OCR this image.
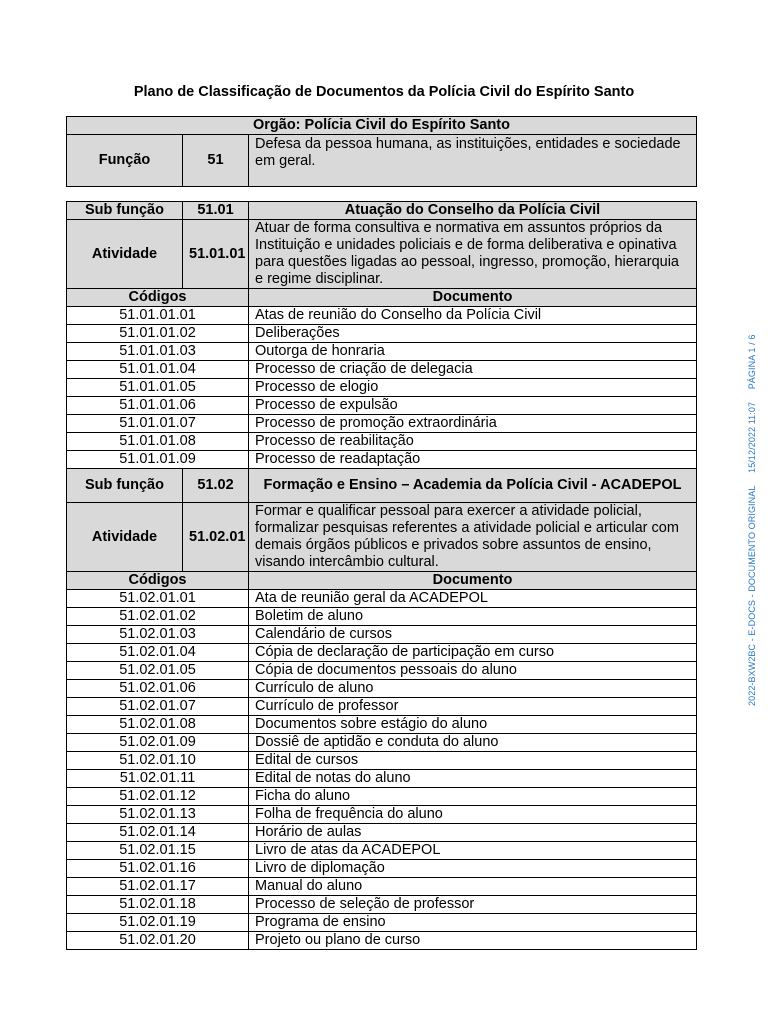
Plano de Classificação de Documentos da Polícia Civil do Espírito Santo
Orgão: Polícia Civil do Espírito Santo
Função	51	Defesa da pessoa humana, as instituições, entidades e sociedade em geral.
Sub função	51.01	Atuação do Conselho da Polícia Civil
Atividade	51.01.01	Atuar de forma consultiva e normativa em assuntos próprios da Instituição e unidades policiais e de forma deliberativa e opinativa para questões ligadas ao pessoal, ingresso, promoção, hierarquia e regime disciplinar.
Códigos		Documento
51.01.01.01		Atas de reunião do Conselho da Polícia Civil
51.01.01.02		Deliberações
51.01.01.03		Outorga de honraria
51.01.01.04		Processo de criação de delegacia
51.01.01.05		Processo de elogio
51.01.01.06		Processo de expulsão
51.01.01.07		Processo de promoção extraordinária
51.01.01.08		Processo de reabilitação
51.01.01.09		Processo de readaptação
Sub função	51.02	Formação e Ensino – Academia da Polícia Civil - ACADEPOL
Atividade	51.02.01	Formar e qualificar pessoal para exercer a atividade policial, formalizar pesquisas referentes a atividade policial e articular com demais órgãos públicos e privados sobre assuntos de ensino, visando intercâmbio cultural.
Códigos		Documento
51.02.01.01		Ata de reunião geral da ACADEPOL
51.02.01.02		Boletim de aluno
51.02.01.03		Calendário de cursos
51.02.01.04		Cópia de declaração de participação em curso
51.02.01.05		Cópia de documentos pessoais do aluno
51.02.01.06		Currículo de aluno
51.02.01.07		Currículo de professor
51.02.01.08		Documentos sobre estágio do aluno
51.02.01.09		Dossiê de aptidão e conduta do aluno
51.02.01.10		Edital de cursos
51.02.01.11		Edital de notas do aluno
51.02.01.12		Ficha do aluno
51.02.01.13		Folha de frequência do aluno
51.02.01.14		Horário de aulas
51.02.01.15		Livro de atas da ACADEPOL
51.02.01.16		Livro de diplomação
51.02.01.17		Manual do aluno
51.02.01.18		Processo de seleção de professor
51.02.01.19		Programa de ensino
51.02.01.20		Projeto ou plano de curso
2022-BXW2BC - E-DOCS - DOCUMENTO ORIGINAL 15/12/2022 11:07 PÁGINA 1 / 6
